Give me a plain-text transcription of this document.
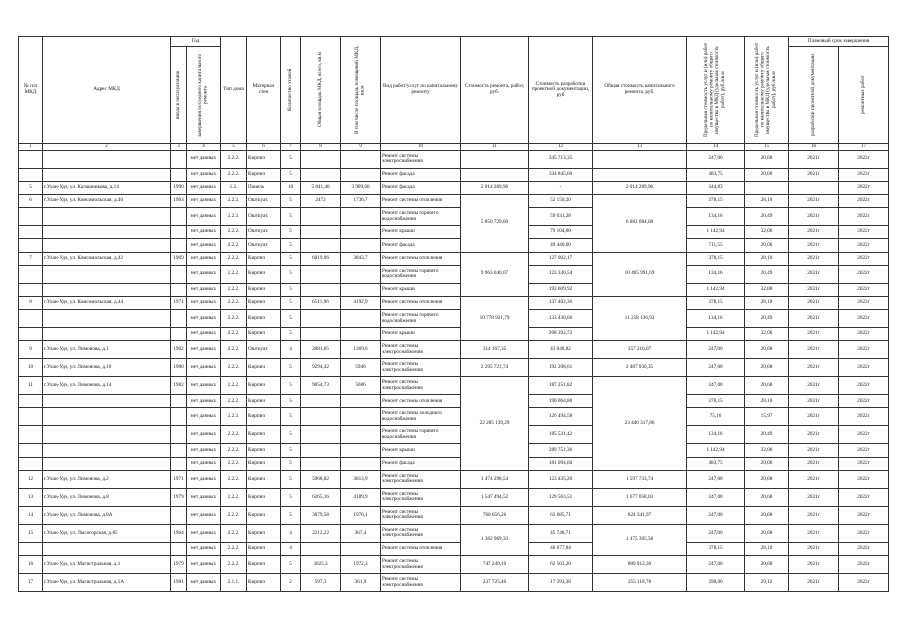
№ п/п МКД	Адрес МКД	Год		Тип дома	Материал стен	Количество этажей	Общая площадь МКД, всего, кв.м	В том числе площадь помещений МКД, кв.м	Вид работ/услуг по капитальному ремонту	Стоимость ремонта, работ, руб.	Стоимость разработки проектной документации, руб	Общая стоимость капитального ремонта, руб.	Предельная стоимость услуг и (или) работ по капитальному ремонту общего имущества в МКД (удельная стоимость работ), руб./кв.м	Предельная стоимость услуг и (или) работ по капитальному ремонту общего имущества в МКД (удельная стоимость работ), руб./кв.м	Плановый срок завершения	

		ввода в эксплуатацию	завершения последнего капитального ремонта												разработки проектной документации	ремонтных работ

1	2	3	4	5	6	7	8	9	10	11	12	13	14	15	16	17
			нет данных	2.2.2.	Кирпич	5			Ремонт системы электроснабжения		345 713,35		247,00	20,68	2021г	2022г
			нет данных	2.2.2.	Кирпич	5			Ремонт фасада		334 845,60		483,75	20,00	2021г	2022г
5	г.Улан-Удэ, ул. Калашникова, д.14	1990	нет данных	1.2.	Панель	10	5 841,40	3 909,60	Ремонт фасада	2 014 289,96	-	2 014 289,96	344,83			2022г
6	г.Улан-Удэ, ул. Комсомольская, д.40	1963	нет данных	2.2.2.	Ошткуат.	5	2472	1736,7	Ремонт системы отопления	5 850 729,60	52 150,20	6 082 084,08	378,15	28,10	2021г	2022г
			нет данных	2.2.2.	Ошткуат.	5			Ремонт системы горячего водоснабжения		59 631,28		134,16	20,49	2021г	2022г
			нет данных	2.2.2.	Ошткуат.	5			Ремонт крыши		79 104,00		1 142,94	32,00	2021г	2022г
			нет данных	2.2.2.	Ошткуат.	5			Ремонт фасада		49 440,00		711,55	20,00	2021г	2022г
7	г.Улан-Удэ, ул. Комсомольская, д.42	1969	нет данных	2.2.2.	Кирпич	5	6019,06	3843,7	Ремонт системы отопления	9 963 040,07	127 002,17	10 405 991,69	378,15	28,10	2021г	2022г
			нет данных	2.2.2.	Кирпич	5			Ремонт системы горячего водоснабжения		123 330,54		134,16	20,49	2021г	2022г
			нет данных	2.2.2.	Кирпич	5			Ремонт крыши		192 609,92		1 142,94	32,00	2021г	2022г
8	г.Улан-Удэ, ул. Комсомольская, д.44	1971	нет данных	2.2.2.	Кирпич	5	6511,96	4192,9	Ремонт системы отопления	10 778 921,79	137 402,36	11 258 136,93	378,15	28,10	2021г	2022г
			нет данных	2.2.2.	Кирпич	5			Ремонт системы горячего водоснабжения		133 430,66		134,16	20,49	2021г	2022г
			нет данных	2.2.2.	Кирпич	5			Ремонт крыши		208 392,72		1 142,94	32,00	2021г	2022г
9	г.Улан-Удэ, ул. Лимонова, д.1	1962	нет данных	2.2.2.	Ошткуат.	4	2081,65	1369,6	Ремонт системы электроснабжения	314 167,35	43 048,82	357 216,07	247,00	20,68	2021г	2022г
10	г.Улан-Удэ, ул. Лимонова, д.10	1980	нет данных	2.2.2.	Кирпич	5	9294,42	5946	Ремонт системы электроснабжения	2 295 721,74	192 208,61	2 487 930,35	247,00	20,68	2021г	2022г
11	г.Улан-Удэ, ул. Лимонова, д.14	1982	нет данных	2.2.2.	Кирпич	5	9054,73	5686	Ремонт системы электроснабжения	22 285 139,29	187 251,82	23 446 317,86	247,00	20,68	2021г	2022г
			нет данных	2.2.2.	Кирпич	5			Ремонт системы отопления		190 064,80		378,15	28,10	2021г	2022г
			нет данных	2.2.2.	Кирпич	5			Ремонт системы холодного водоснабжения		126 494,58		75,16	15,97	2021г	2022г
			нет данных	2.2.2.	Кирпич	5			Ремонт системы горячего водоснабжения		185 531,42		134,16	20,49	2021г	2022г
			нет данных	2.2.2.	Кирпич	5			Ремонт крыши		289 751,36		1 142,94	32,00	2021г	2022г
			нет данных	2.2.2.	Кирпич	5			Ремонт фасада		181 094,60		483,75	20,00	2021г	2022г
12	г.Улан-Удэ, ул. Лимонова, д.2	1971	нет данных	2.2.2.	Кирпич	5	5968,82	3813,9	Ремонт системы электроснабжения	1 474 298,54	123 435,20	1 597 733,74	247,00	20,68	2021г	2022г
13	г.Улан-Удэ, ул. Лимонова, д.8	1979	нет данных	2.2.2.	Кирпич	5	6265,16	4189,9	Ремонт системы электроснабжения	1 547 494,52	129 563,51	1 677 058,03	247,00	20,68	2021г	2022г
14	г.Улан-Удэ, ул. Лимонова, д.8А		нет данных	2.2.2.	Кирпич	5	3079,58	1976,1	Ремонт системы электроснабжения	760 656,26	63 685,71	824 341,97	247,00	20,68	2021г	2022г
15	г.Улан-Удэ, ул. Лысогорская, д.85	1964	нет данных	2.2.2.	Кирпич	4	2212,22	367,4	Ремонт системы электроснабжения	1 382 969,33	45 748,71	1 475 395,58	247,00	20,68	2021г	2022г
			нет данных	2.2.2.	Кирпич	4			Ремонт системы отопления		46 677,84		378,15	28,10	2021г	2022г
16	г.Улан-Удэ, ул. Магистральная, д.1	1979	нет данных	2.2.2.	Кирпич	5	3025,3	1972,3	Ремонт системы электроснабжения	747 249,10	62 563,20	809 812,30	247,00	20,68	2021г	2022г
17	г.Улан-Удэ, ул. Магистральная, д.1А	1981	нет данных	2.1.1.	Кирпич	2	597,3	361,9	Ремонт системы электроснабжения	237 725,40	17 393,38	255 118,78	398,00	29,12	2021г	2022г
